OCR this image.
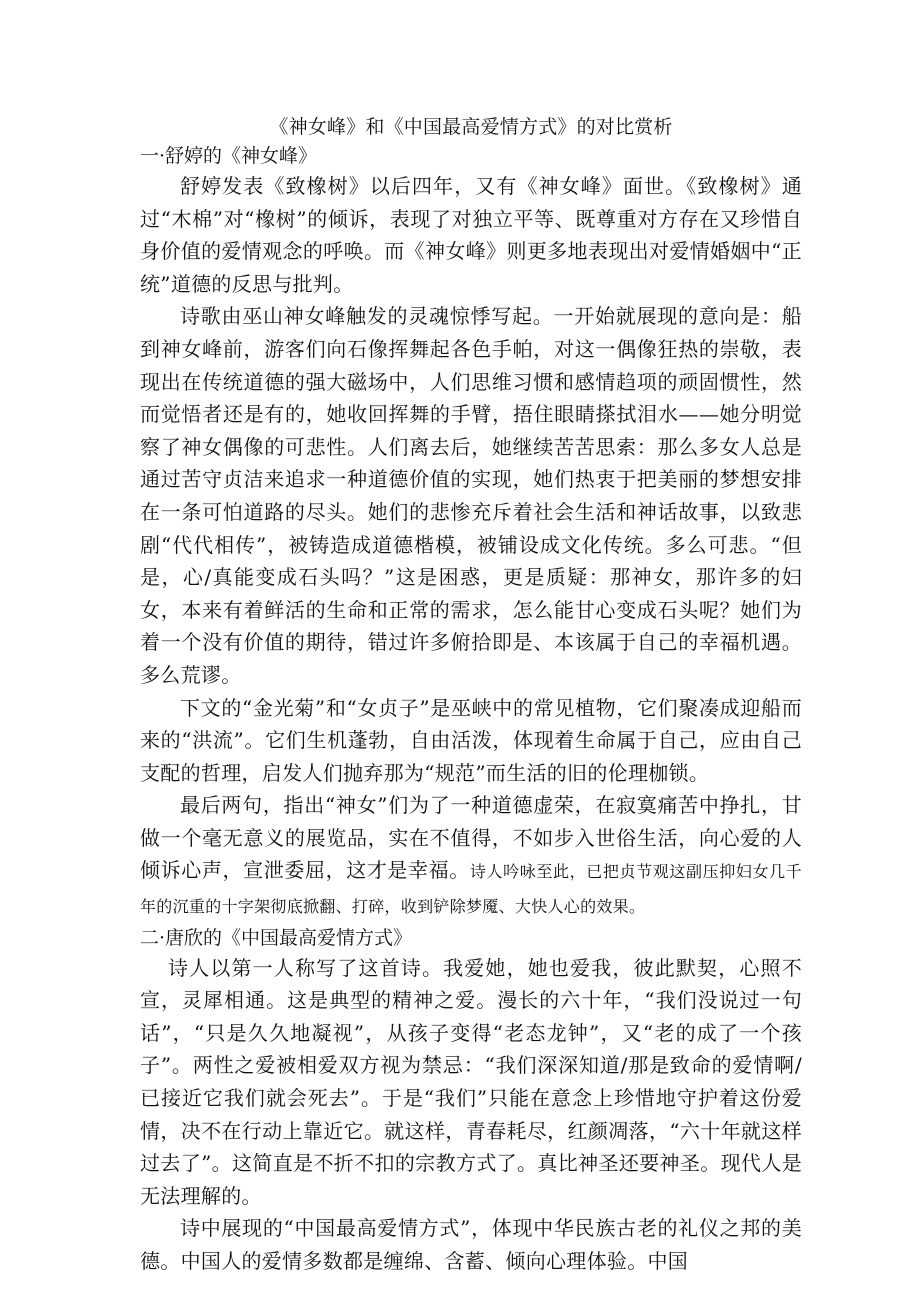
《神女峰》和《中国最高爱情方式》的对比赏析
一·舒婷的《神女峰》

舒婷发表《致橡树》以后四年，又有《神女峰》面世。《致橡树》通过“木棉”对“橡树”的倾诉，表现了对独立平等、既尊重对方存在又珍惜自身价值的爱情观念的呼唤。而《神女峰》则更多地表现出对爱情婚姻中“正统”道德的反思与批判。

诗歌由巫山神女峰触发的灵魂惊悸写起。一开始就展现的意向是：船到神女峰前，游客们向石像挥舞起各色手帕，对这一偶像狂热的崇敬，表现出在传统道德的强大磁场中，人们思维习惯和感情趋项的顽固惯性，然而觉悟者还是有的，她收回挥舞的手臂，捂住眼睛搽拭泪水——她分明觉察了神女偶像的可悲性。人们离去后，她继续苦苦思索：那么多女人总是通过苦守贞洁来追求一种道德价值的实现，她们热衷于把美丽的梦想安排在一条可怕道路的尽头。她们的悲惨充斥着社会生活和神话故事，以致悲剧“代代相传”，被铸造成道德楷模，被铺设成文化传统。多么可悲。“但是，心/真能变成石头吗？”这是困惑，更是质疑：那神女，那许多的妇女，本来有着鲜活的生命和正常的需求，怎么能甘心变成石头呢？她们为着一个没有价值的期待，错过许多俯拾即是、本该属于自己的幸福机遇。多么荒谬。

下文的“金光菊”和“女贞子”是巫峡中的常见植物，它们聚凑成迎船而来的“洪流”。它们生机蓬勃，自由活泼，体现着生命属于自己，应由自己支配的哲理，启发人们抛弃那为“规范”而生活的旧的伦理枷锁。

最后两句，指出“神女”们为了一种道德虚荣，在寂寞痛苦中挣扎，甘做一个毫无意义的展览品，实在不值得，不如步入世俗生活，向心爱的人倾诉心声，宣泄委屈，这才是幸福。诗人吟咏至此，已把贞节观这副压抑妇女几千年的沉重的十字架彻底掀翻、打碎，收到铲除梦魇、大快人心的效果。

二·唐欣的《中国最高爱情方式》

诗人以第一人称写了这首诗。我爱她，她也爱我，彼此默契，心照不宣，灵犀相通。这是典型的精神之爱。漫长的六十年，“我们没说过一句话”，“只是久久地凝视”，从孩子变得“老态龙钟”，又“老的成了一个孩子”。两性之爱被相爱双方视为禁忌：“我们深深知道/那是致命的爱情啊/已接近它我们就会死去”。于是“我们”只能在意念上珍惜地守护着这份爱情，决不在行动上靠近它。就这样，青春耗尽，红颜凋落，“六十年就这样过去了”。这简直是不折不扣的宗教方式了。真比神圣还要神圣。现代人是无法理解的。

诗中展现的“中国最高爱情方式”，体现中华民族古老的礼仪之邦的美德。中国人的爱情多数都是缠绵、含蓄、倾向心理体验。中国
